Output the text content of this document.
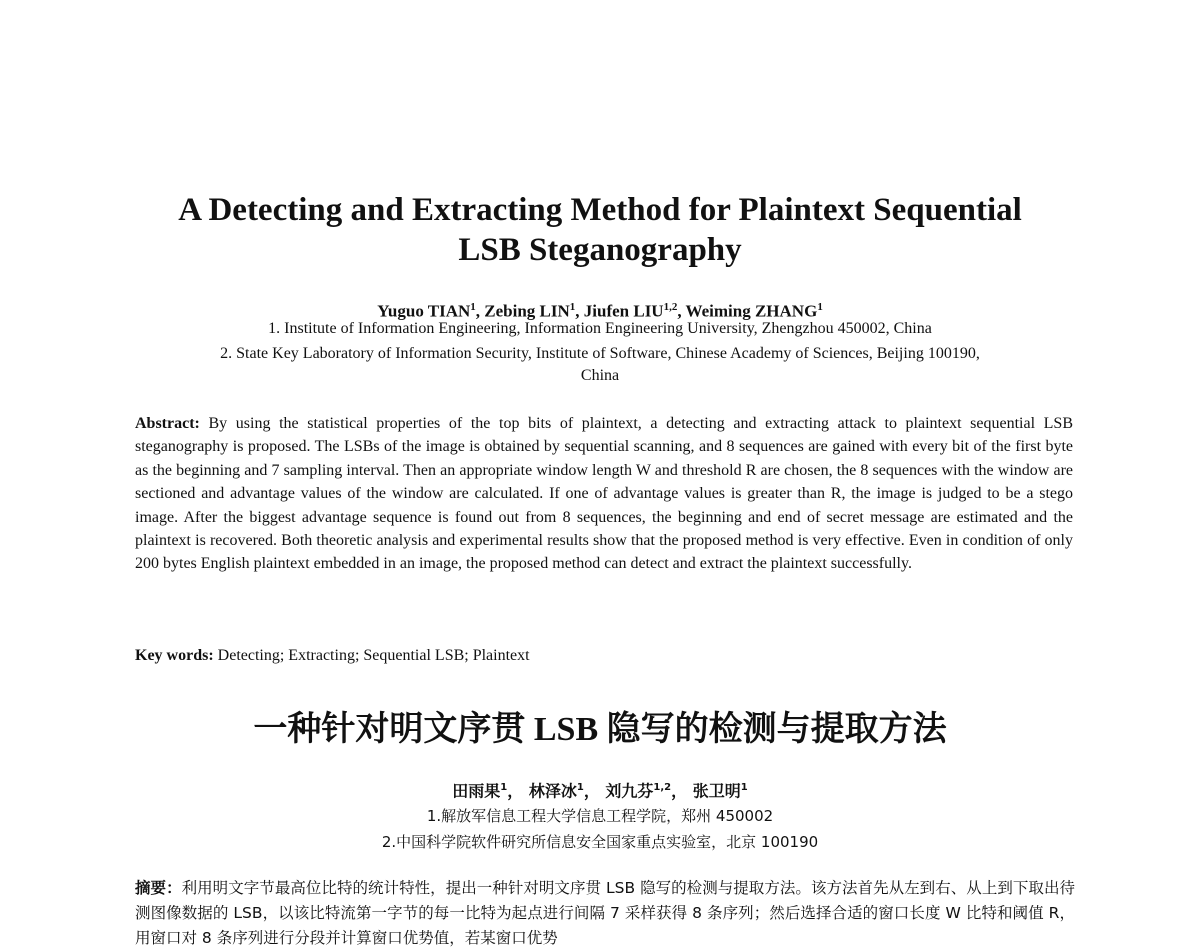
A Detecting and Extracting Method for Plaintext Sequential
LSB Steganography
Yuguo TIAN$^1$, Zebing LIN$^1$, Jiufen LIU$^{1,2}$, Weiming ZHANG$^1$
1. Institute of Information Engineering, Information Engineering University, Zhengzhou 450002, China
2. State Key Laboratory of Information Security, Institute of Software, Chinese Academy of Sciences, Beijing 100190,
China

Abstract: By using the statistical properties of the top bits of plaintext, a detecting and extracting attack to plaintext sequential LSB steganography is proposed. The LSBs of the image is obtained by sequential scanning, and 8 sequences are gained with every bit of the first byte as the beginning and 7 sampling interval. Then an appropriate window length W and threshold R are chosen, the 8 sequences with the window are sectioned and advantage values of the window are calculated. If one of advantage values is greater than R, the image is judged to be a stego image. After the biggest advantage sequence is found out from 8 sequences, the beginning and end of secret message are estimated and the plaintext is recovered. Both theoretic analysis and experimental results show that the proposed method is very effective. Even in condition of only 200 bytes English plaintext embedded in an image, the proposed method can detect and extract the plaintext successfully.

Key words: Detecting; Extracting; Sequential LSB; Plaintext
一种针对明文序贯 LSB 隐写的检测与提取方法
田雨果$^1$， 林泽冰$^1$， 刘九芬$^{1,2}$， 张卫明$^1$
1.解放军信息工程大学信息工程学院，郑州 450002
2.中国科学院软件研究所信息安全国家重点实验室，北京 100190

摘要：利用明文字节最高位比特的统计特性，提出一种针对明文序贯 LSB 隐写的检测与提取方法。该方法首先从左到右、从上到下取出待测图像数据的 LSB，以该比特流第一字节的每一比特为起点进行间隔 7 采样获得 8 条序列；然后选择合适的窗口长度 W 比特和阈值 R，用窗口对 8 条序列进行分段并计算窗口优势值，若某窗口优势
